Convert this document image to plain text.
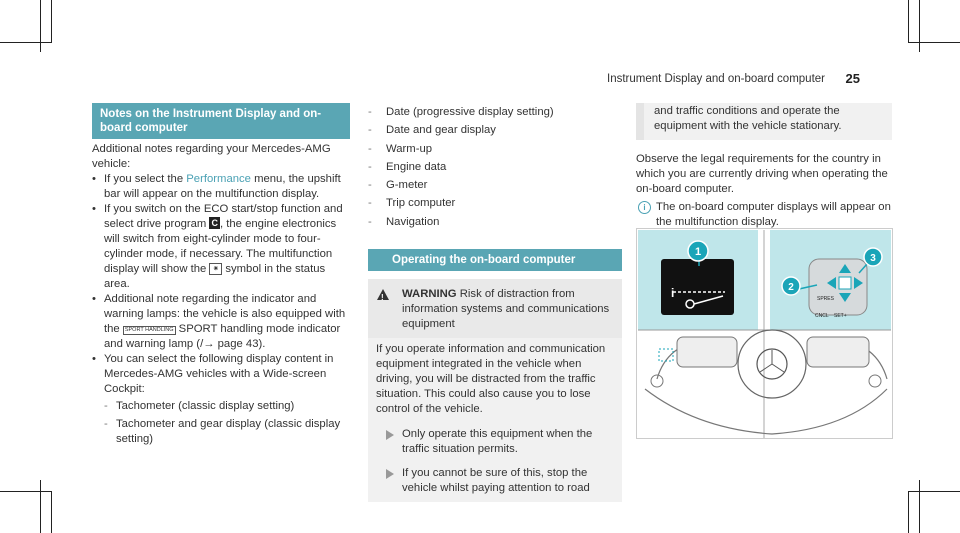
Instrument Display and on-board computer 25
Notes on the Instrument Display and on-board computer
Additional notes regarding your Mercedes-AMG vehicle:
• If you select the Performance menu, the upshift bar will appear on the multifunction display.
• If you switch on the ECO start/stop function and select drive program C , the engine electronics will switch from eight-cylinder mode to four-cylinder mode, if necessary. The multifunction display will show the ⁕ symbol in the status area.
• Additional note regarding the indicator and warning lamps: the vehicle is also equipped with the SPORT HANDLING SPORT handling mode indicator and warning lamp (/→ page 43).
• You can select the following display content in Mercedes-AMG vehicles with a Wide-screen Cockpit:
- Tachometer (classic display setting)
- Tachometer and gear display (classic display setting)
- Date (progressive display setting)
- Date and gear display
- Warm-up
- Engine data
- G-meter
- Trip computer
- Navigation
Operating the on-board computer
!
WARNING Risk of distraction from information systems and communications equipment
If you operate information and communication equipment integrated in the vehicle when driving, you will be distracted from the traffic situation. This could also cause you to lose control of the vehicle.
Only operate this equipment when the traffic situation permits.
If you cannot be sure of this, stop the vehicle whilst paying attention to road
and traffic conditions and operate the equipment with the vehicle stationary.
Observe the legal requirements for the country in which you are currently driving when operating the on-board computer.
i The on-board computer displays will appear on the multifunction display.
i
1
SPRES
CNCL SET+
2
3
